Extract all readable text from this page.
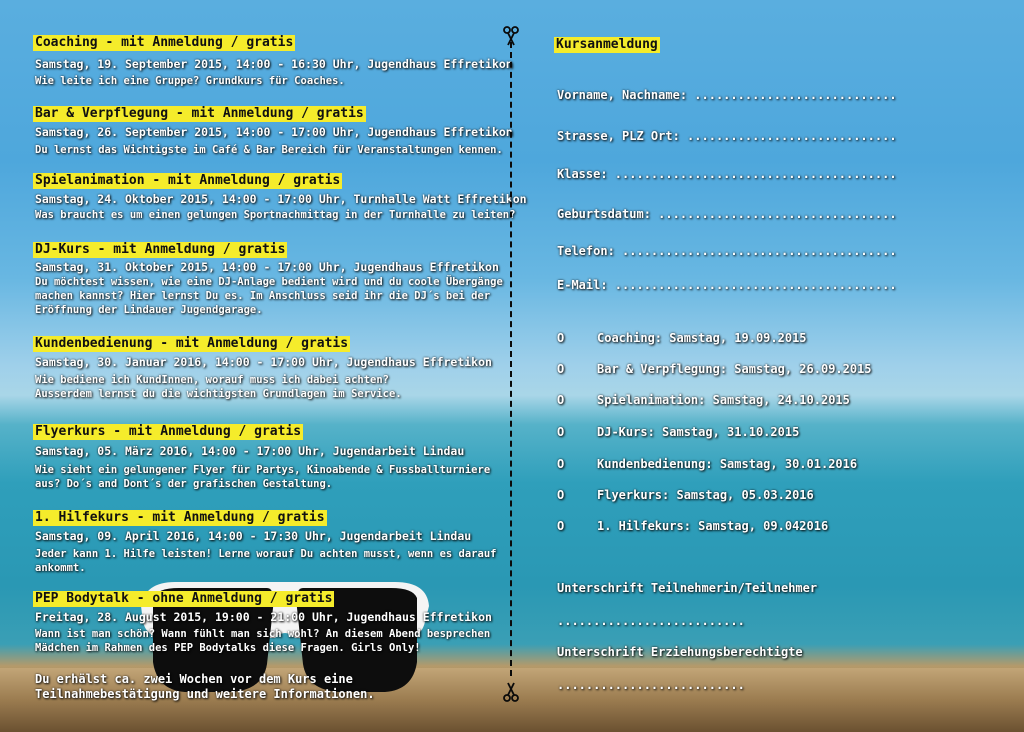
Coaching - mit Anmeldung / gratis
Samstag, 19. September 2015, 14:00 - 16:30 Uhr, Jugendhaus Effretikon
Wie leite ich eine Gruppe? Grundkurs für Coaches.
Bar & Verpflegung - mit Anmeldung / gratis
Samstag, 26. September 2015, 14:00 - 17:00 Uhr, Jugendhaus Effretikon
Du lernst das Wichtigste im Café & Bar Bereich für Veranstaltungen kennen.
Spielanimation - mit Anmeldung / gratis
Samstag, 24. Oktober 2015, 14:00 - 17:00 Uhr, Turnhalle Watt Effretikon
Was braucht es um einen gelungen Sportnachmittag in der Turnhalle zu leiten?
DJ-Kurs - mit Anmeldung / gratis
Samstag, 31. Oktober 2015, 14:00 - 17:00 Uhr, Jugendhaus Effretikon
Du möchtest wissen, wie eine DJ-Anlage bedient wird und du coole Übergänge
machen kannst? Hier lernst Du es. Im Anschluss seid ihr die DJ´s bei der
Eröffnung der Lindauer Jugendgarage.
Kundenbedienung - mit Anmeldung / gratis
Samstag, 30. Januar 2016, 14:00 - 17:00 Uhr, Jugendhaus Effretikon
Wie bediene ich KundInnen, worauf muss ich dabei achten?
Ausserdem lernst du die wichtigsten Grundlagen im Service.
Flyerkurs - mit Anmeldung / gratis
Samstag, 05. März 2016, 14:00 - 17:00 Uhr, Jugendarbeit Lindau
Wie sieht ein gelungener Flyer für Partys, Kinoabende & Fussballturniere
aus? Do´s and Dont´s der grafischen Gestaltung.
1. Hilfekurs - mit Anmeldung / gratis
Samstag, 09. April 2016, 14:00 - 17:30 Uhr, Jugendarbeit Lindau
Jeder kann 1. Hilfe leisten! Lerne worauf Du achten musst, wenn es darauf
ankommt.
PEP Bodytalk - ohne Anmeldung / gratis
Freitag, 28. August 2015, 19:00 - 21:00 Uhr, Jugendhaus Effretikon
Wann ist man schön? Wann fühlt man sich wohl? An diesem Abend besprechen
Mädchen im Rahmen des PEP Bodytalks diese Fragen. Girls Only!
Du erhälst ca. zwei Wochen vor dem Kurs eine
Teilnahmebestätigung und weitere Informationen.
Kursanmeldung
Vorname, Nachname: ............................
Strasse, PLZ Ort: .............................
Klasse: .......................................
Geburtsdatum: .................................
Telefon: ......................................
E-Mail: .......................................
O	Coaching: Samstag, 19.09.2015
O	Bar & Verpflegung: Samstag, 26.09.2015
O	Spielanimation: Samstag, 24.10.2015
O	DJ-Kurs: Samstag, 31.10.2015
O	Kundenbedienung: Samstag, 30.01.2016
O	Flyerkurs: Samstag, 05.03.2016
O	1. Hilfekurs: Samstag, 09.042016
Unterschrift Teilnehmerin/Teilnehmer
..........................
Unterschrift Erziehungsberechtigte
..........................
